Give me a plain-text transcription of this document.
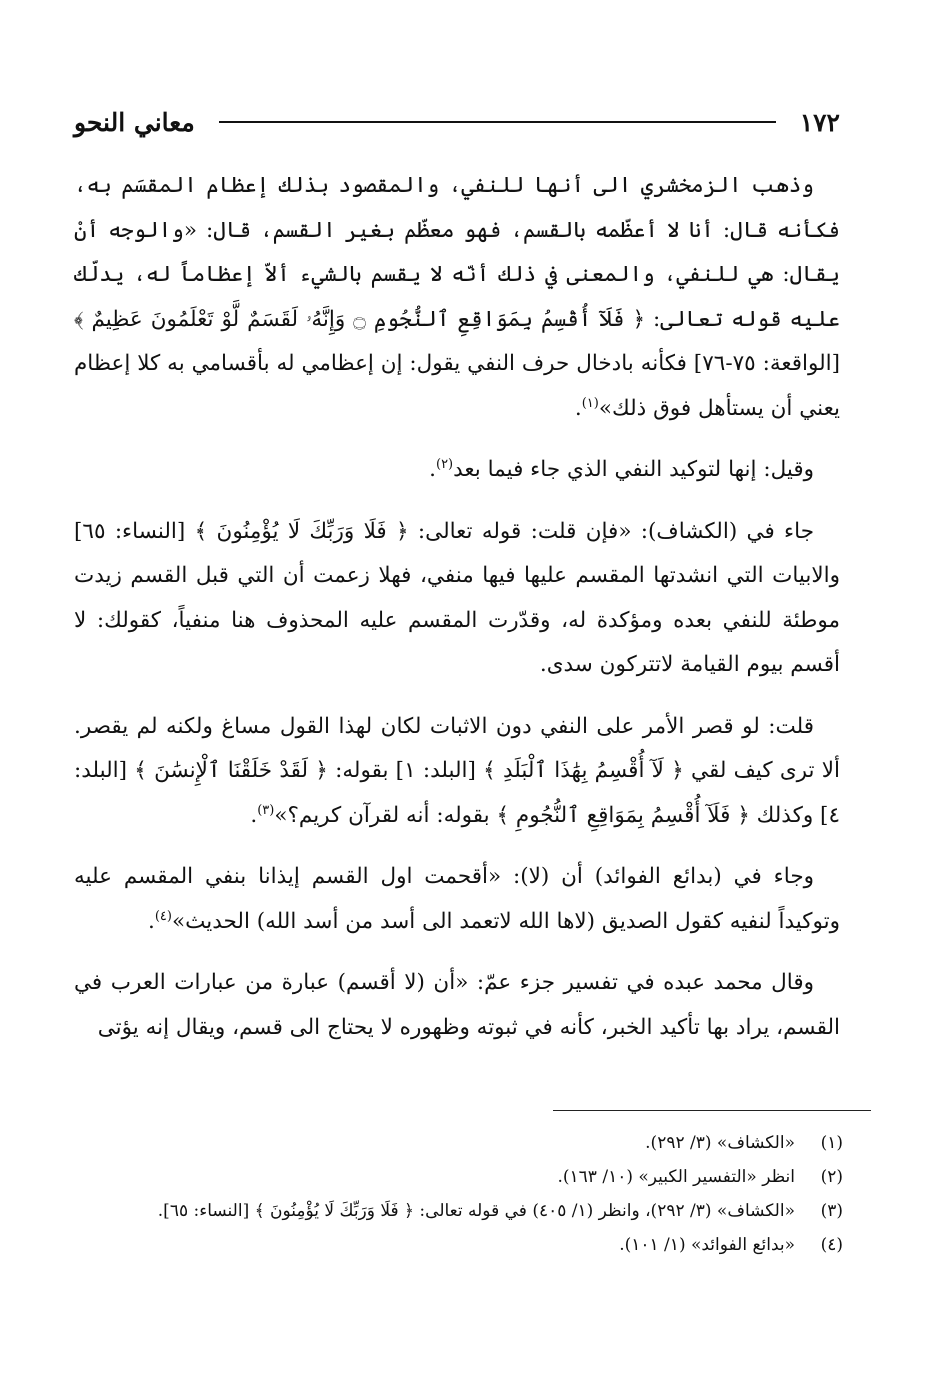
١٧٢
معاني النحو

وذهب الزمخشري الى أنها للنفي، والمقصود بذلك إعظام المقسَم به، فكأنه قال: أنا لا أعظّمه بالقسم، فهو معظّم بغير القسم، قال: «والوجه أنْ يقال: هي للنفي، والمعنى في ذلك أنّه لا يقسم بالشيء ألاّ إعظاماً له، يدلّك عليه قوله تعالى: ﴿ فَلَآ أُقْسِمُ بِمَوَاقِعِ ٱلنُّجُومِ ۝ وَإِنَّهُۥ لَقَسَمٌ لَّوْ تَعْلَمُونَ عَظِيمٌ ﴾ [الواقعة: ٧٥-٧٦] فكأنه بادخال حرف النفي يقول: إن إعظامي له بأقسامي به كلا إعظام يعني أن يستأهل فوق ذلك»$^{(١)}$.

وقيل: إنها لتوكيد النفي الذي جاء فيما بعد$^{(٢)}$.

جاء في (الكشاف): «فإن قلت: قوله تعالى: ﴿ فَلَا وَرَبِّكَ لَا يُؤْمِنُونَ ﴾ [النساء: ٦٥] والابيات التي انشدتها المقسم عليها فيها منفي، فهلا زعمت أن التي قبل القسم زيدت موطئة للنفي بعده ومؤكدة له، وقدّرت المقسم عليه المحذوف هنا منفياً، كقولك: لا أقسم بيوم القيامة لاتتركون سدى.

قلت: لو قصر الأمر على النفي دون الاثبات لكان لهذا القول مساغ ولكنه لم يقصر. ألا ترى كيف لقي ﴿ لَآ أُقْسِمُ بِهَٰذَا ٱلْبَلَدِ ﴾ [البلد: ١] بقوله: ﴿ لَقَدْ خَلَقْنَا ٱلْإِنسَٰنَ ﴾ [البلد: ٤] وكذلك ﴿ فَلَآ أُقْسِمُ بِمَوَاقِعِ ٱلنُّجُومِ ﴾ بقوله: أنه لقرآن كريم؟»$^{(٣)}$.

وجاء في (بدائع الفوائد) أن (لا): «أقحمت اول القسم إيذانا بنفي المقسم عليه وتوكيداً لنفيه كقول الصديق (لاها الله لاتعمد الى أسد من أسد الله) الحديث»$^{(٤)}$.

وقال محمد عبده في تفسير جزء عمّ: «أن (لا أقسم) عبارة من عبارات العرب في القسم، يراد بها تأكيد الخبر، كأنه في ثبوته وظهوره لا يحتاج الى قسم، ويقال إنه يؤتى

(١)
«الكشاف» (٣/ ٢٩٢).
(٢)
انظر «التفسير الكبير» (١٠/ ١٦٣).
(٣)
«الكشاف» (٣/ ٢٩٢)، وانظر (١/ ٤٠٥) في قوله تعالى: ﴿ فَلَا وَرَبِّكَ لَا يُؤْمِنُونَ ﴾ [النساء: ٦٥].
(٤)
«بدائع الفوائد» (١/ ١٠١).
